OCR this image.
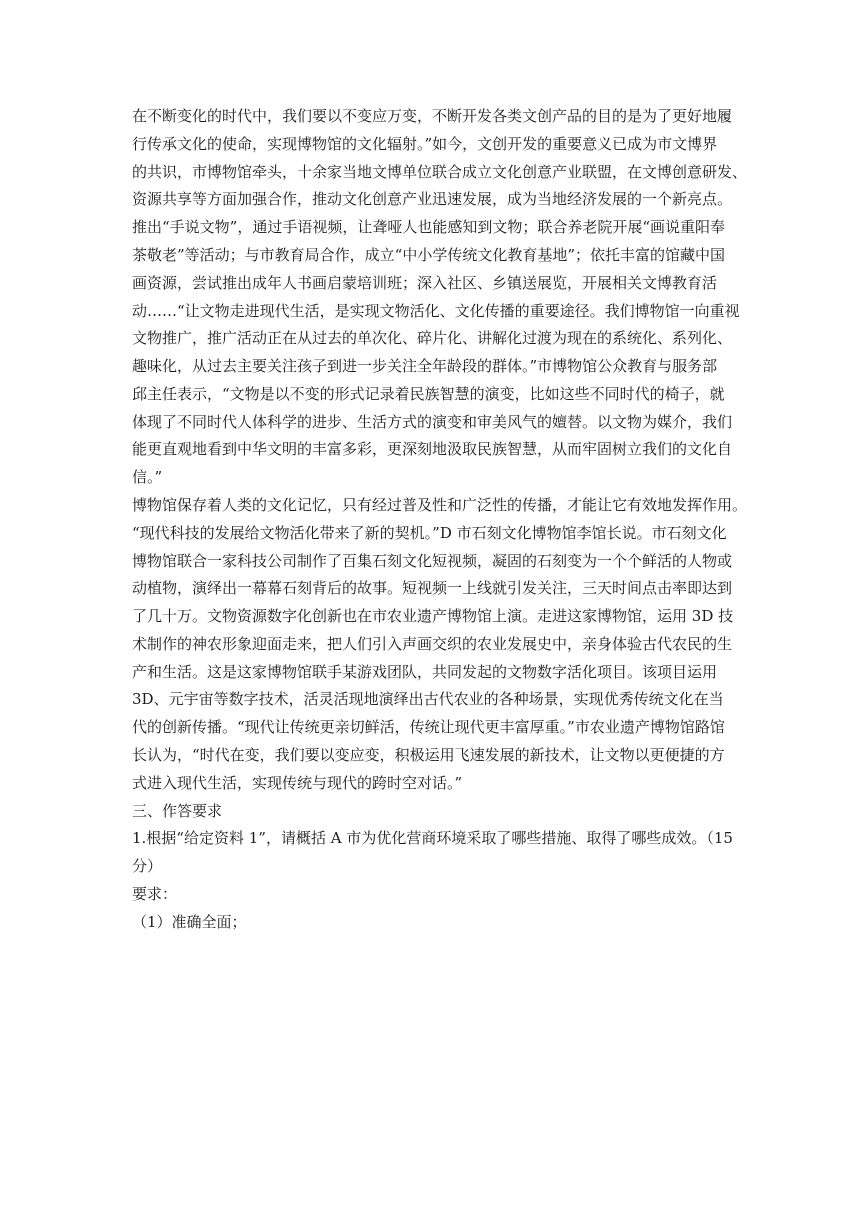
在不断变化的时代中，我们要以不变应万变，不断开发各类文创产品的目的是为了更好地履
行传承文化的使命，实现博物馆的文化辐射。”如今，文创开发的重要意义已成为市文博界
的共识，市博物馆牵头，十余家当地文博单位联合成立文化创意产业联盟，在文博创意研发、
资源共享等方面加强合作，推动文化创意产业迅速发展，成为当地经济发展的一个新亮点。
推出“手说文物”，通过手语视频，让聋哑人也能感知到文物；联合养老院开展“画说重阳奉
茶敬老”等活动；与市教育局合作，成立“中小学传统文化教育基地”；依托丰富的馆藏中国
画资源，尝试推出成年人书画启蒙培训班；深入社区、乡镇送展览，开展相关文博教育活
动……“让文物走进现代生活，是实现文物活化、文化传播的重要途径。我们博物馆一向重视
文物推广，推广活动正在从过去的单次化、碎片化、讲解化过渡为现在的系统化、系列化、
趣味化，从过去主要关注孩子到进一步关注全年龄段的群体。”市博物馆公众教育与服务部
邱主任表示，“文物是以不变的形式记录着民族智慧的演变，比如这些不同时代的椅子，就
体现了不同时代人体科学的进步、生活方式的演变和审美风气的嬗替。以文物为媒介，我们
能更直观地看到中华文明的丰富多彩，更深刻地汲取民族智慧，从而牢固树立我们的文化自
信。”
博物馆保存着人类的文化记忆，只有经过普及性和广泛性的传播，才能让它有效地发挥作用。
“现代科技的发展给文物活化带来了新的契机。”D 市石刻文化博物馆李馆长说。市石刻文化
博物馆联合一家科技公司制作了百集石刻文化短视频，凝固的石刻变为一个个鲜活的人物或
动植物，演绎出一幕幕石刻背后的故事。短视频一上线就引发关注，三天时间点击率即达到
了几十万。文物资源数字化创新也在市农业遗产博物馆上演。走进这家博物馆，运用 3D 技
术制作的神农形象迎面走来，把人们引入声画交织的农业发展史中，亲身体验古代农民的生
产和生活。这是这家博物馆联手某游戏团队，共同发起的文物数字活化项目。该项目运用
3D、元宇宙等数字技术，活灵活现地演绎出古代农业的各种场景，实现优秀传统文化在当
代的创新传播。“现代让传统更亲切鲜活，传统让现代更丰富厚重。”市农业遗产博物馆路馆
长认为，“时代在变，我们要以变应变，积极运用飞速发展的新技术，让文物以更便捷的方
式进入现代生活，实现传统与现代的跨时空对话。”
三、作答要求
1.根据“给定资料 1”，请概括 A 市为优化营商环境采取了哪些措施、取得了哪些成效。（15
分）
要求：
（1）准确全面；
